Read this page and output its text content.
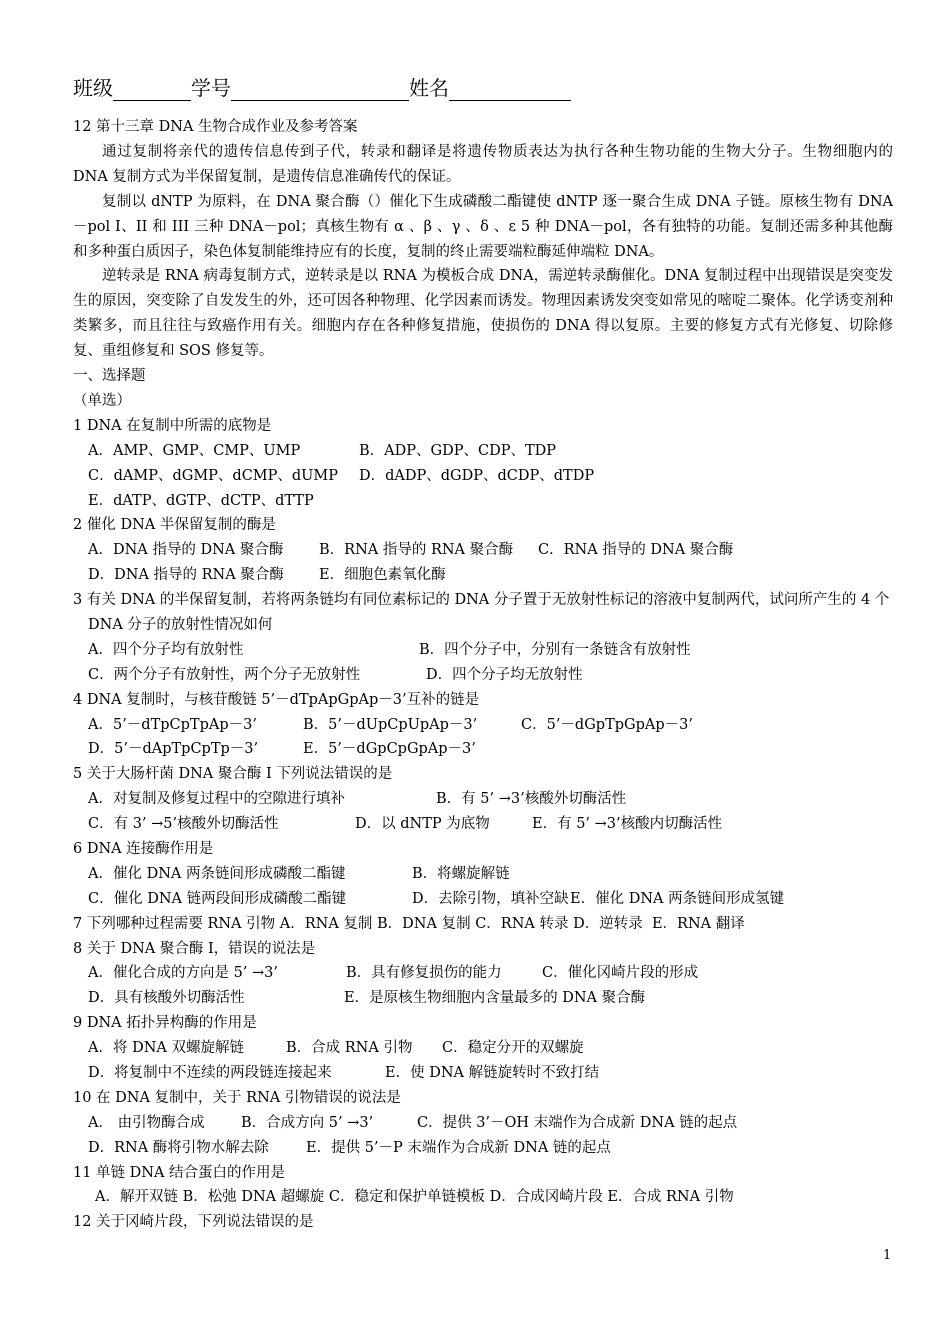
班级	学号	姓名
12 第十三章 DNA 生物合成作业及参考答案
通过复制将亲代的遗传信息传到子代，转录和翻译是将遗传物质表达为执行各种生物功能的生物大分子。生物细胞内的 DNA 复制方式为半保留复制，是遗传信息准确传代的保证。
复制以 dNTP 为原料，在 DNA 聚合酶（）催化下生成磷酸二酯键使 dNTP 逐一聚合生成 DNA 子链。原核生物有 DNA－pol I、II 和 III 三种 DNA－pol；真核生物有 α 、β 、γ 、δ 、ε 5 种 DNA－pol，各有独特的功能。复制还需多种其他酶和多种蛋白质因子，染色体复制能维持应有的长度，复制的终止需要端粒酶延伸端粒 DNA。
逆转录是 RNA 病毒复制方式，逆转录是以 RNA 为模板合成 DNA，需逆转录酶催化。DNA 复制过程中出现错误是突变发生的原因，突变除了自发发生的外，还可因各种物理、化学因素而诱发。物理因素诱发突变如常见的嘧啶二聚体。化学诱变剂种类繁多，而且往往与致癌作用有关。细胞内存在各种修复措施，使损伤的 DNA 得以复原。主要的修复方式有光修复、切除修复、重组修复和 SOS 修复等。
一、选择题
（单选）
1 DNA 在复制中所需的底物是
A．AMP、GMP、CMP、UMP	B．ADP、GDP、CDP、TDP
C．dAMP、dGMP、dCMP、dUMP D．dADP、dGDP、dCDP、dTDP
E．dATP、dGTP、dCTP、dTTP
2 催化 DNA 半保留复制的酶是
A．DNA 指导的 DNA 聚合酶 B．RNA 指导的 RNA 聚合酶 C．RNA 指导的 DNA 聚合酶
D．DNA 指导的 RNA 聚合酶 E．细胞色素氧化酶
3 有关 DNA 的半保留复制，若将两条链均有同位素标记的 DNA 分子置于无放射性标记的溶液中复制两代，试问所产生的 4 个 DNA 分子的放射性情况如何
A．四个分子均有放射性	B．四个分子中，分别有一条链含有放射性
C．两个分子有放射性，两个分子无放射性	D．四个分子均无放射性
4 DNA 复制时，与核苷酸链 5’－dTpApGpAp－3’互补的链是
A．5’－dTpCpTpAp－3’	B．5’－dUpCpUpAp－3’	C．5’－dGpTpGpAp－3’
D．5’－dApTpCpTp－3’	E．5’－dGpCpGpAp－3’
5 关于大肠杆菌 DNA 聚合酶 I 下列说法错误的是
A．对复制及修复过程中的空隙进行填补	B．有 5’ →3’核酸外切酶活性
C．有 3’ →5’核酸外切酶活性	D．以 dNTP 为底物	E．有 5’ →3’核酸内切酶活性
6 DNA 连接酶作用是
A．催化 DNA 两条链间形成磷酸二酯键	B．将螺旋解链
C．催化 DNA 链两段间形成磷酸二酯键	D．去除引物，填补空缺E．催化 DNA 两条链间形成氢键
7 下列哪种过程需要 RNA 引物 A．RNA 复制 B．DNA 复制 C．RNA 转录 D．逆转录 E．RNA 翻译
8 关于 DNA 聚合酶 I，错误的说法是
A．催化合成的方向是 5’ →3’	B．具有修复损伤的能力	C．催化冈崎片段的形成
D．具有核酸外切酶活性	E．是原核生物细胞内含量最多的 DNA 聚合酶
9 DNA 拓扑异构酶的作用是
A．将 DNA 双螺旋解链	B．合成 RNA 引物 C．稳定分开的双螺旋
D．将复制中不连续的两段链连接起来	E．使 DNA 解链旋转时不致打结
10 在 DNA 复制中，关于 RNA 引物错误的说法是
A． 由引物酶合成	B．合成方向 5’ →3’	C．提供 3’－OH 末端作为合成新 DNA 链的起点
D．RNA 酶将引物水解去除	E．提供 5’－P 末端作为合成新 DNA 链的起点
11 单链 DNA 结合蛋白的作用是
A．解开双链 B．松弛 DNA 超螺旋 C．稳定和保护单链模板 D．合成冈崎片段 E．合成 RNA 引物
12 关于冈崎片段，下列说法错误的是
1
